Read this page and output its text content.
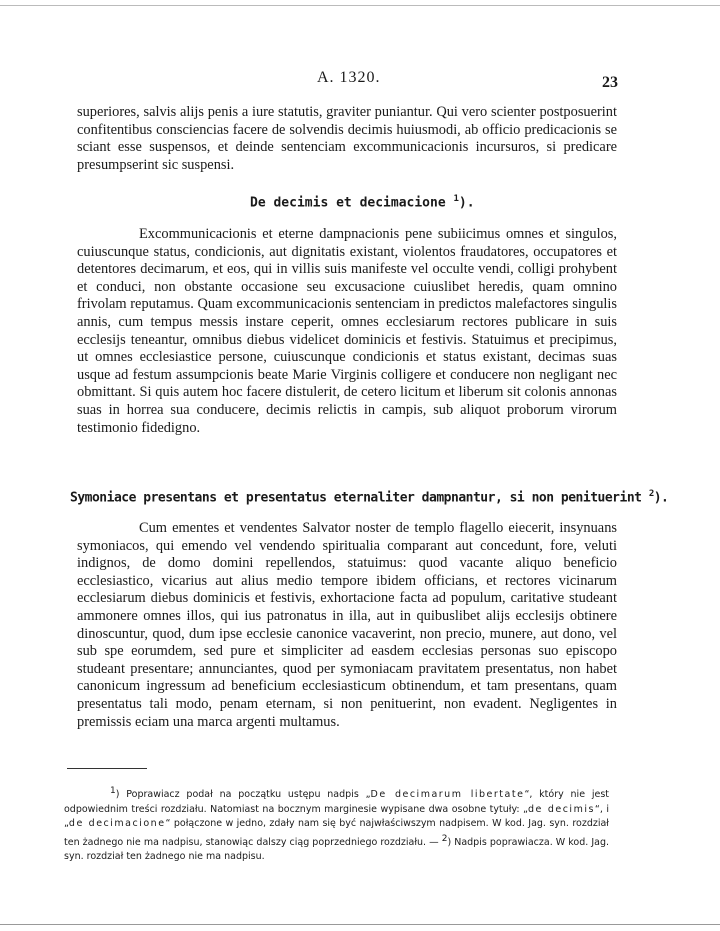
A. 1320.	23
superiores, salvis alijs penis a iure statutis, graviter puniantur. Qui vero scienter postposuerint confitentibus consciencias facere de solvendis decimis huiusmodi, ab officio predicacionis se sciant esse suspensos, et deinde sentenciam excommunicacionis incursuros, si predicare presumpserint sic suspensi.
De decimis et decimacione $^1$).
Excommunicacionis et eterne dampnacionis pene subiicimus omnes et singulos, cuiuscunque status, condicionis, aut dignitatis existant, violentos fraudatores, occupatores et detentores decimarum, et eos, qui in villis suis manifeste vel occulte vendi, colligi prohybent et conduci, non obstante occasione seu excusacione cuiuslibet heredis, quam omnino frivolam reputamus. Quam excommunicacionis sentenciam in predictos malefactores singulis annis, cum tempus messis instare ceperit, omnes ecclesiarum rectores publicare in suis ecclesijs teneantur, omnibus diebus videlicet dominicis et festivis. Statuimus et precipimus, ut omnes ecclesiastice persone, cuiuscunque condicionis et status existant, decimas suas usque ad festum assumpcionis beate Marie Virginis colligere et conducere non negligant nec obmittant. Si quis autem hoc facere distulerit, de cetero licitum et liberum sit colonis annonas suas in horrea sua conducere, decimis relictis in campis, sub aliquot proborum virorum testimonio fidedigno.
Symoniace presentans et presentatus eternaliter dampnantur, si non penituerint $^2$).
Cum ementes et vendentes Salvator noster de templo flagello eiecerit, insynuans symoniacos, qui emendo vel vendendo spiritualia comparant aut concedunt, fore, veluti indignos, de domo domini repellendos, statuimus: quod vacante aliquo beneficio ecclesiastico, vicarius aut alius medio tempore ibidem officians, et rectores vicinarum ecclesiarum diebus dominicis et festivis, exhortacione facta ad populum, caritative studeant ammonere omnes illos, qui ius patronatus in illa, aut in quibuslibet alijs ecclesijs obtinere dinoscuntur, quod, dum ipse ecclesie canonice vacaverint, non precio, munere, aut dono, vel sub spe eorumdem, sed pure et simpliciter ad easdem ecclesias personas suo episcopo studeant presentare; annunciantes, quod per symoniacam pravitatem presentatus, non habet canonicum ingressum ad beneficium ecclesiasticum obtinendum, et tam presentans, quam presentatus tali modo, penam eternam, si non penituerint, non evadent. Negligentes in premissis eciam una marca argenti multamus.
1) Poprawiacz podał na początku ustępu nadpis „De decimarum libertate“, który nie jest odpowiednim treści rozdziału. Natomiast na bocznym marginesie wypisane dwa osobne tytuły: „de decimis“, i „de decimacione“ połączone w jedno, zdały nam się być najwłaściwszym nadpisem. W kod. Jag. syn. rozdział ten żadnego nie ma nadpisu, stanowiąc dalszy ciąg poprzedniego rozdziału. — 2) Nadpis poprawiacza. W kod. Jag. syn. rozdział ten żadnego nie ma nadpisu.
